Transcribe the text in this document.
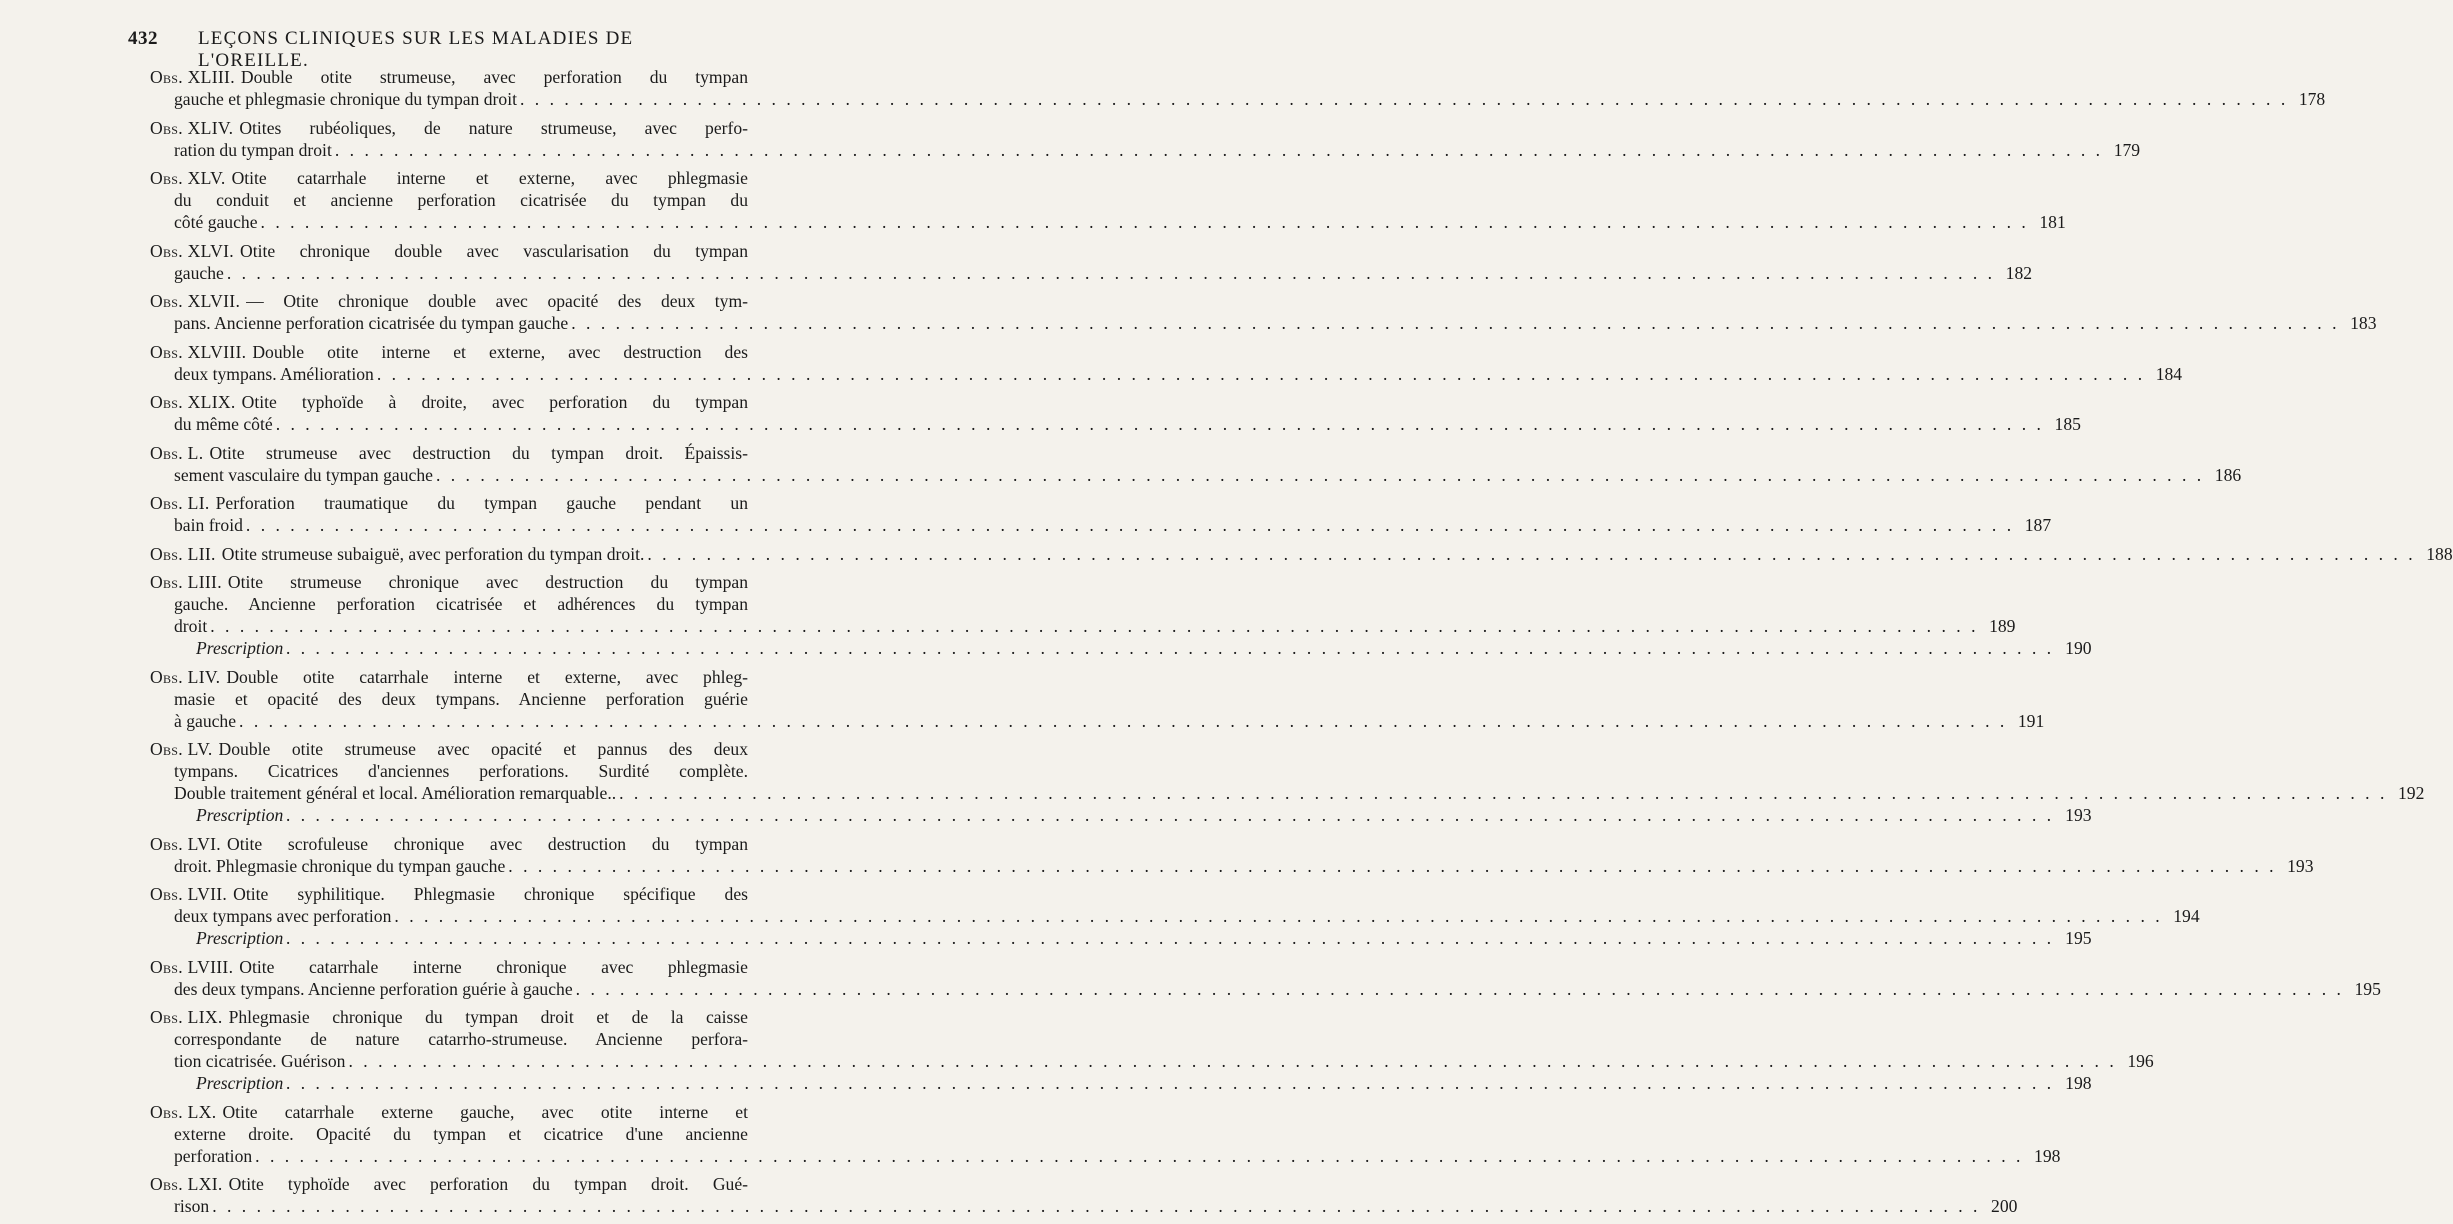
432 LEÇONS CLINIQUES SUR LES MALADIES DE L'OREILLE.
Obs. XLIII. Double otite strumeuse, avec perforation du tympan
gauche et phlegmasie chronique du tympan droit . . . . . . . . . . . . . . . . . . . . . . . . . . . . . . . . . . . . . . . . . . . . . . . . . . . . . . . . . . . . . . . . . . . . . . . . . . . . . . . . . . . . . . . . . . . . . . . . . . . . . . . . . . . . . . . . . . . . . . . . 178
Obs. XLIV. Otites rubéoliques, de nature strumeuse, avec perfo-
ration du tympan droit . . . . . . . . . . . . . . . . . . . . . . . . . . . . . . . . . . . . . . . . . . . . . . . . . . . . . . . . . . . . . . . . . . . . . . . . . . . . . . . . . . . . . . . . . . . . . . . . . . . . . . . . . . . . . . . . . . . . . . . . 179
Obs. XLV. Otite catarrhale interne et externe, avec phlegmasie
du conduit et ancienne perforation cicatrisée du tympan du
côté gauche . . . . . . . . . . . . . . . . . . . . . . . . . . . . . . . . . . . . . . . . . . . . . . . . . . . . . . . . . . . . . . . . . . . . . . . . . . . . . . . . . . . . . . . . . . . . . . . . . . . . . . . . . . . . . . . . . . . . . . . . 181
Obs. XLVI. Otite chronique double avec vascularisation du tympan
gauche . . . . . . . . . . . . . . . . . . . . . . . . . . . . . . . . . . . . . . . . . . . . . . . . . . . . . . . . . . . . . . . . . . . . . . . . . . . . . . . . . . . . . . . . . . . . . . . . . . . . . . . . . . . . . . . . . . . . . . . . 182
Obs. XLVII. — Otite chronique double avec opacité des deux tym-
pans. Ancienne perforation cicatrisée du tympan gauche . . . . . . . . . . . . . . . . . . . . . . . . . . . . . . . . . . . . . . . . . . . . . . . . . . . . . . . . . . . . . . . . . . . . . . . . . . . . . . . . . . . . . . . . . . . . . . . . . . . . . . . . . . . . . . . . . . . . . . . . 183
Obs. XLVIII. Double otite interne et externe, avec destruction des
deux tympans. Amélioration . . . . . . . . . . . . . . . . . . . . . . . . . . . . . . . . . . . . . . . . . . . . . . . . . . . . . . . . . . . . . . . . . . . . . . . . . . . . . . . . . . . . . . . . . . . . . . . . . . . . . . . . . . . . . . . . . . . . . . . . 184
Obs. XLIX. Otite typhoïde à droite, avec perforation du tympan
du même côté . . . . . . . . . . . . . . . . . . . . . . . . . . . . . . . . . . . . . . . . . . . . . . . . . . . . . . . . . . . . . . . . . . . . . . . . . . . . . . . . . . . . . . . . . . . . . . . . . . . . . . . . . . . . . . . . . . . . . . . . 185
Obs. L. Otite strumeuse avec destruction du tympan droit. Épaissis-
sement vasculaire du tympan gauche . . . . . . . . . . . . . . . . . . . . . . . . . . . . . . . . . . . . . . . . . . . . . . . . . . . . . . . . . . . . . . . . . . . . . . . . . . . . . . . . . . . . . . . . . . . . . . . . . . . . . . . . . . . . . . . . . . . . . . . . 186
Obs. LI. Perforation traumatique du tympan gauche pendant un
bain froid . . . . . . . . . . . . . . . . . . . . . . . . . . . . . . . . . . . . . . . . . . . . . . . . . . . . . . . . . . . . . . . . . . . . . . . . . . . . . . . . . . . . . . . . . . . . . . . . . . . . . . . . . . . . . . . . . . . . . . . . 187
Obs. LII. Otite strumeuse subaiguë, avec perforation du tympan droit. . . . . . . . . . . . . . . . . . . . . . . . . . . . . . . . . . . . . . . . . . . . . . . . . . . . . . . . . . . . . . . . . . . . . . . . . . . . . . . . . . . . . . . . . . . . . . . . . . . . . . . . . . . . . . . . . . . . . . . . . 188
Obs. LIII. Otite strumeuse chronique avec destruction du tympan
gauche. Ancienne perforation cicatrisée et adhérences du tympan
droit . . . . . . . . . . . . . . . . . . . . . . . . . . . . . . . . . . . . . . . . . . . . . . . . . . . . . . . . . . . . . . . . . . . . . . . . . . . . . . . . . . . . . . . . . . . . . . . . . . . . . . . . . . . . . . . . . . . . . . . . 189
Prescription . . . . . . . . . . . . . . . . . . . . . . . . . . . . . . . . . . . . . . . . . . . . . . . . . . . . . . . . . . . . . . . . . . . . . . . . . . . . . . . . . . . . . . . . . . . . . . . . . . . . . . . . . . . . . . . . . . . . . . . . 190
Obs. LIV. Double otite catarrhale interne et externe, avec phleg-
masie et opacité des deux tympans. Ancienne perforation guérie
à gauche . . . . . . . . . . . . . . . . . . . . . . . . . . . . . . . . . . . . . . . . . . . . . . . . . . . . . . . . . . . . . . . . . . . . . . . . . . . . . . . . . . . . . . . . . . . . . . . . . . . . . . . . . . . . . . . . . . . . . . . . 191
Obs. LV. Double otite strumeuse avec opacité et pannus des deux
tympans. Cicatrices d'anciennes perforations. Surdité complète.
Double traitement général et local. Amélioration remarquable.. . . . . . . . . . . . . . . . . . . . . . . . . . . . . . . . . . . . . . . . . . . . . . . . . . . . . . . . . . . . . . . . . . . . . . . . . . . . . . . . . . . . . . . . . . . . . . . . . . . . . . . . . . . . . . . . . . . . . . . . . 192
Prescription . . . . . . . . . . . . . . . . . . . . . . . . . . . . . . . . . . . . . . . . . . . . . . . . . . . . . . . . . . . . . . . . . . . . . . . . . . . . . . . . . . . . . . . . . . . . . . . . . . . . . . . . . . . . . . . . . . . . . . . . 193
Obs. LVI. Otite scrofuleuse chronique avec destruction du tympan
droit. Phlegmasie chronique du tympan gauche . . . . . . . . . . . . . . . . . . . . . . . . . . . . . . . . . . . . . . . . . . . . . . . . . . . . . . . . . . . . . . . . . . . . . . . . . . . . . . . . . . . . . . . . . . . . . . . . . . . . . . . . . . . . . . . . . . . . . . . . 193
Obs. LVII. Otite syphilitique. Phlegmasie chronique spécifique des
deux tympans avec perforation . . . . . . . . . . . . . . . . . . . . . . . . . . . . . . . . . . . . . . . . . . . . . . . . . . . . . . . . . . . . . . . . . . . . . . . . . . . . . . . . . . . . . . . . . . . . . . . . . . . . . . . . . . . . . . . . . . . . . . . . 194
Prescription . . . . . . . . . . . . . . . . . . . . . . . . . . . . . . . . . . . . . . . . . . . . . . . . . . . . . . . . . . . . . . . . . . . . . . . . . . . . . . . . . . . . . . . . . . . . . . . . . . . . . . . . . . . . . . . . . . . . . . . . 195
Obs. LVIII. Otite catarrhale interne chronique avec phlegmasie
des deux tympans. Ancienne perforation guérie à gauche . . . . . . . . . . . . . . . . . . . . . . . . . . . . . . . . . . . . . . . . . . . . . . . . . . . . . . . . . . . . . . . . . . . . . . . . . . . . . . . . . . . . . . . . . . . . . . . . . . . . . . . . . . . . . . . . . . . . . . . . 195
Obs. LIX. Phlegmasie chronique du tympan droit et de la caisse
correspondante de nature catarrho-strumeuse. Ancienne perfora-
tion cicatrisée. Guérison . . . . . . . . . . . . . . . . . . . . . . . . . . . . . . . . . . . . . . . . . . . . . . . . . . . . . . . . . . . . . . . . . . . . . . . . . . . . . . . . . . . . . . . . . . . . . . . . . . . . . . . . . . . . . . . . . . . . . . . . 196
Prescription . . . . . . . . . . . . . . . . . . . . . . . . . . . . . . . . . . . . . . . . . . . . . . . . . . . . . . . . . . . . . . . . . . . . . . . . . . . . . . . . . . . . . . . . . . . . . . . . . . . . . . . . . . . . . . . . . . . . . . . . 198
Obs. LX. Otite catarrhale externe gauche, avec otite interne et
externe droite. Opacité du tympan et cicatrice d'une ancienne
perforation . . . . . . . . . . . . . . . . . . . . . . . . . . . . . . . . . . . . . . . . . . . . . . . . . . . . . . . . . . . . . . . . . . . . . . . . . . . . . . . . . . . . . . . . . . . . . . . . . . . . . . . . . . . . . . . . . . . . . . . . 198
Obs. LXI. Otite typhoïde avec perforation du tympan droit. Gué-
rison . . . . . . . . . . . . . . . . . . . . . . . . . . . . . . . . . . . . . . . . . . . . . . . . . . . . . . . . . . . . . . . . . . . . . . . . . . . . . . . . . . . . . . . . . . . . . . . . . . . . . . . . . . . . . . . . . . . . . . . . 200
